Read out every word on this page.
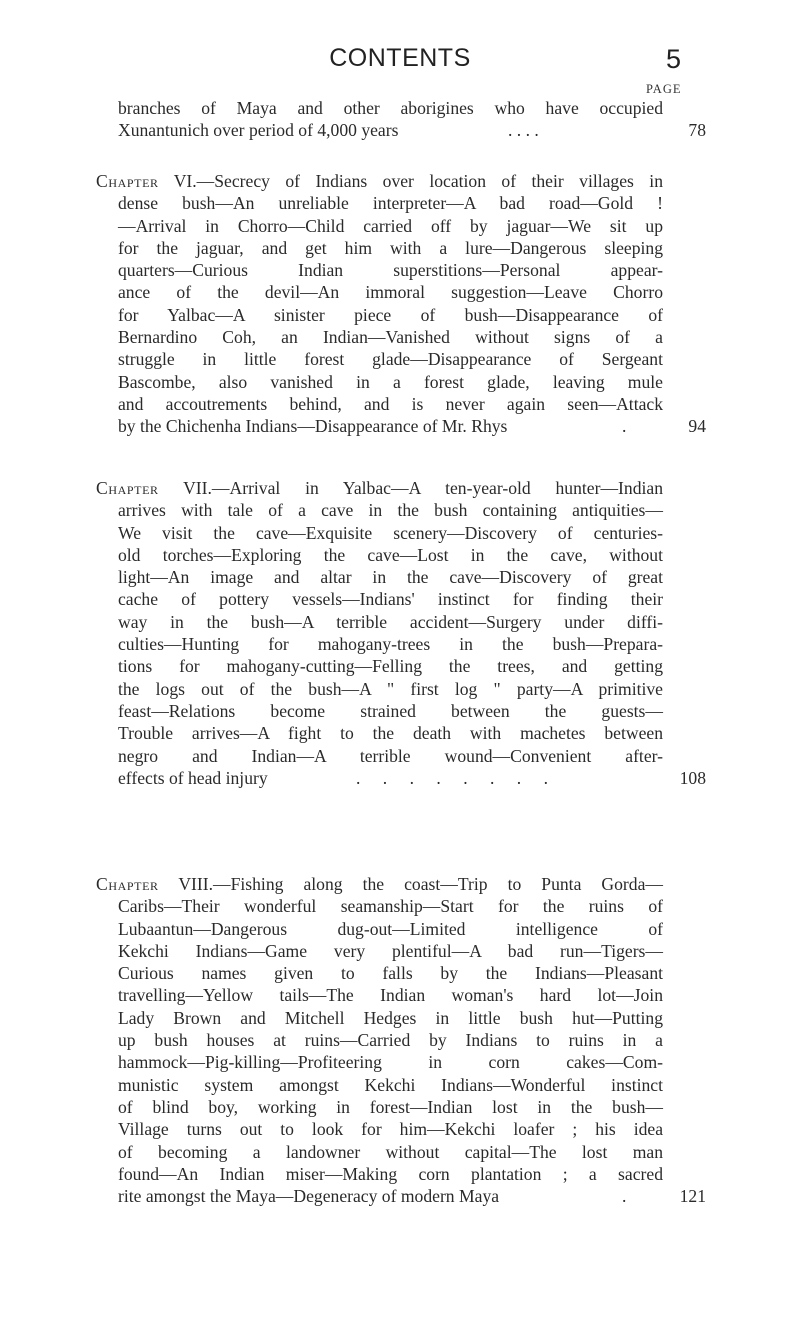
CONTENTS	5
PAGE
branches of Maya and other aborigines who have occupied
Xunantunich over period of 4,000 years	. . . .	78
Chapter VI.—Secrecy of Indians over location of their villages in
dense bush—An unreliable interpreter—A bad road—Gold !
—Arrival in Chorro—Child carried off by jaguar—We sit up
for the jaguar, and get him with a lure—Dangerous sleeping
quarters—Curious Indian superstitions—Personal appear-
ance of the devil—An immoral suggestion—Leave Chorro
for Yalbac—A sinister piece of bush—Disappearance of
Bernardino Coh, an Indian—Vanished without signs of a
struggle in little forest glade—Disappearance of Sergeant
Bascombe, also vanished in a forest glade, leaving mule
and accoutrements behind, and is never again seen—Attack
by the Chichenha Indians—Disappearance of Mr. Rhys	.	94
Chapter VII.—Arrival in Yalbac—A ten-year-old hunter—Indian
arrives with tale of a cave in the bush containing antiquities—
We visit the cave—Exquisite scenery—Discovery of centuries-
old torches—Exploring the cave—Lost in the cave, without
light—An image and altar in the cave—Discovery of great
cache of pottery vessels—Indians' instinct for finding their
way in the bush—A terrible accident—Surgery under diffi-
culties—Hunting for mahogany-trees in the bush—Prepara-
tions for mahogany-cutting—Felling the trees, and getting
the logs out of the bush—A " first log " party—A primitive
feast—Relations become strained between the guests—
Trouble arrives—A fight to the death with machetes between
negro and Indian—A terrible wound—Convenient after-
effects of head injury	. . . . . . . .	108
Chapter VIII.—Fishing along the coast—Trip to Punta Gorda—
Caribs—Their wonderful seamanship—Start for the ruins of
Lubaantun—Dangerous dug-out—Limited intelligence of
Kekchi Indians—Game very plentiful—A bad run—Tigers—
Curious names given to falls by the Indians—Pleasant
travelling—Yellow tails—The Indian woman's hard lot—Join
Lady Brown and Mitchell Hedges in little bush hut—Putting
up bush houses at ruins—Carried by Indians to ruins in a
hammock—Pig-killing—Profiteering in corn cakes—Com-
munistic system amongst Kekchi Indians—Wonderful instinct
of blind boy, working in forest—Indian lost in the bush—
Village turns out to look for him—Kekchi loafer ; his idea
of becoming a landowner without capital—The lost man
found—An Indian miser—Making corn plantation ; a sacred
rite amongst the Maya—Degeneracy of modern Maya	.	121
